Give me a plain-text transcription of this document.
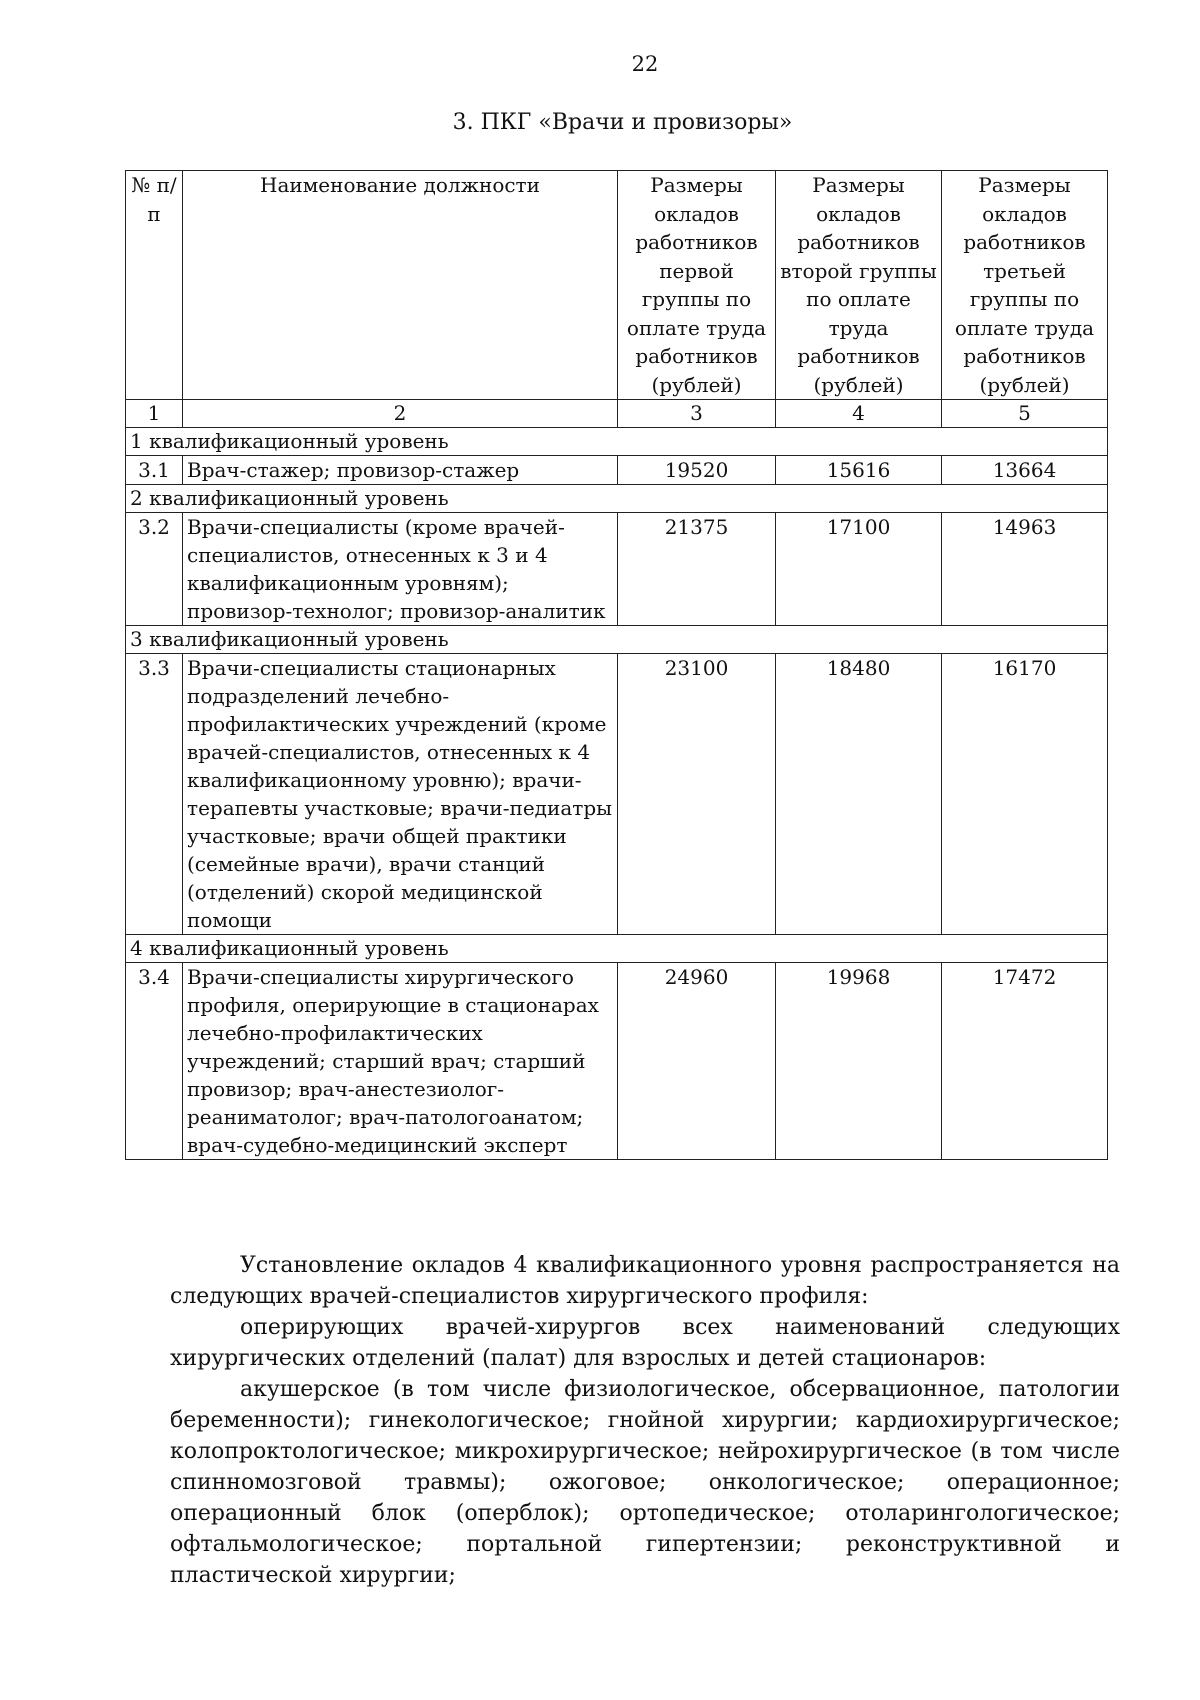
22
3. ПКГ «Врачи и провизоры»
№ п/п	Наименование должности	Размеры окладов работников первой группы по оплате труда работников (рублей)	Размеры окладов работников второй группы по оплате труда работников (рублей)	Размеры окладов работников третьей группы по оплате труда работников (рублей)
1	2	3	4	5
1 квалификационный уровень				
3.1	Врач-стажер; провизор-стажер	19520	15616	13664
2 квалификационный уровень				
3.2	Врачи-специалисты (кроме врачей-специалистов, отнесенных к 3 и 4 квалификационным уровням); провизор-технолог; провизор-аналитик	21375	17100	14963
3 квалификационный уровень				
3.3	Врачи-специалисты стационарных подразделений лечебно-профилактических учреждений (кроме врачей-специалистов, отнесенных к 4 квалификационному уровню); врачи-терапевты участковые; врачи-педиатры участковые; врачи общей практики (семейные врачи), врачи станций (отделений) скорой медицинской помощи	23100	18480	16170
4 квалификационный уровень				
3.4	Врачи-специалисты хирургического профиля, оперирующие в стационарах лечебно-профилактических учреждений; старший врач; старший провизор; врач-анестезиолог-реаниматолог; врач-патологоанатом; врач-судебно-медицинский эксперт	24960	19968	17472

Установление окладов 4 квалификационного уровня распространяется на следующих врачей-специалистов хирургического профиля:

оперирующих врачей-хирургов всех наименований следующих хирургических отделений (палат) для взрослых и детей стационаров:

акушерское (в том числе физиологическое, обсервационное, патологии беременности); гинекологическое; гнойной хирургии; кардиохирургическое; колопроктологическое; микрохирургическое; нейрохирургическое (в том числе спинномозговой травмы); ожоговое; онкологическое; операционное; операционный блок (оперблок); ортопедическое; отоларингологическое; офтальмологическое; портальной гипертензии; реконструктивной и пластической хирургии;
